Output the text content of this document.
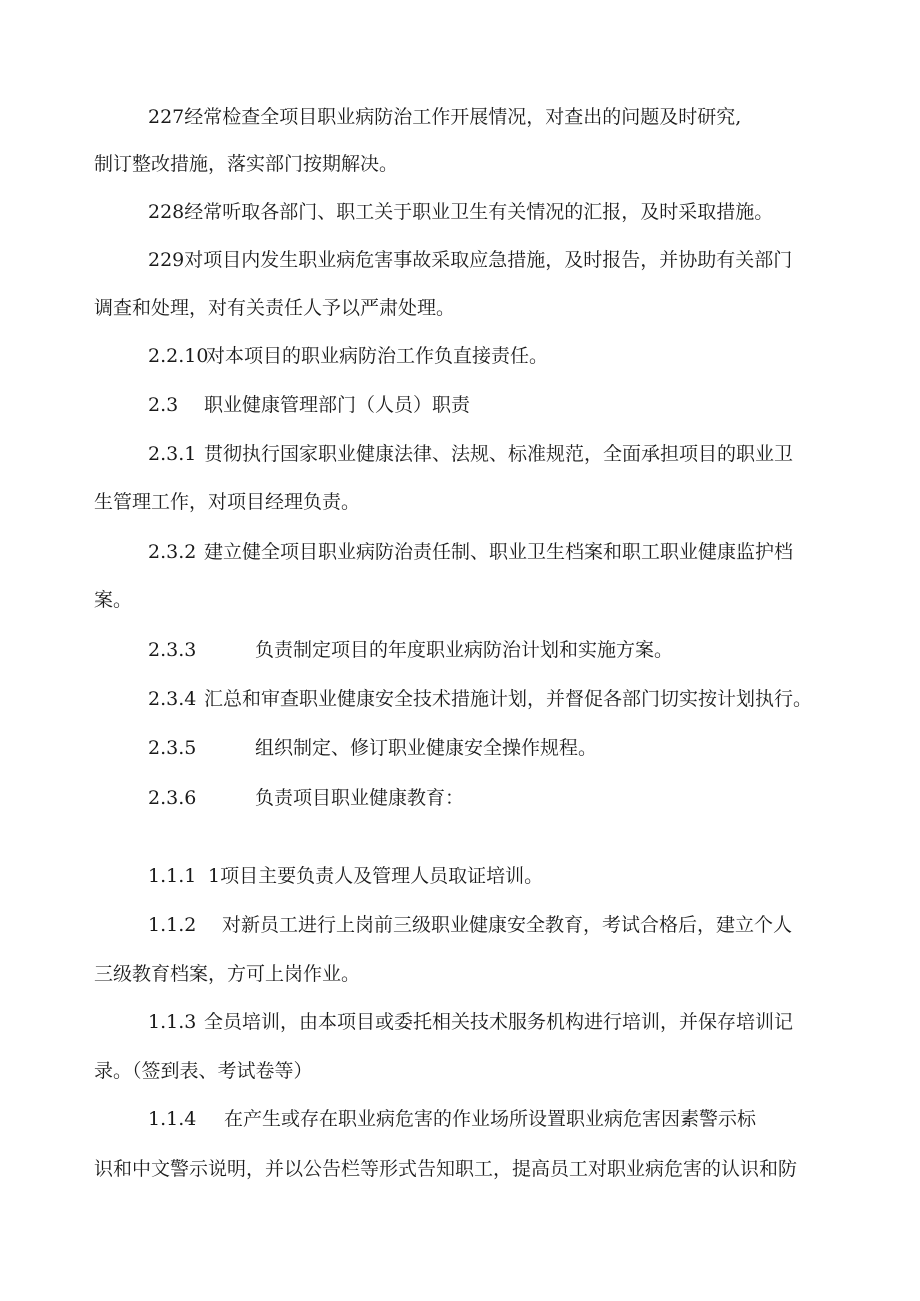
227经常检查全项目职业病防治工作开展情况，对查出的问题及时研究,
制订整改措施，落实部门按期解决。
228经常听取各部门、职工关于职业卫生有关情况的汇报，及时采取措施。
229对项目内发生职业病危害事故采取应急措施，及时报告，并协助有关部门
调查和处理，对有关责任人予以严肃处理。
2.2.10对本项目的职业病防治工作负直接责任。
2.3 职业健康管理部门（人员）职责
2.3.1 贯彻执行国家职业健康法律、法规、标准规范，全面承担项目的职业卫
生管理工作，对项目经理负责。
2.3.2 建立健全项目职业病防治责任制、职业卫生档案和职工职业健康监护档
案。
2.3.3	负责制定项目的年度职业病防治计划和实施方案。
2.3.4 汇总和审查职业健康安全技术措施计划，并督促各部门切实按计划执行。
2.3.5	组织制定、修订职业健康安全操作规程。
2.3.6	负责项目职业健康教育：
1.1.1 1项目主要负责人及管理人员取证培训。
1.1.2 对新员工进行上岗前三级职业健康安全教育，考试合格后，建立个人
三级教育档案，方可上岗作业。
1.1.3 全员培训，由本项目或委托相关技术服务机构进行培训，并保存培训记
录。（签到表、考试卷等）
1.1.4 在产生或存在职业病危害的作业场所设置职业病危害因素警示标
识和中文警示说明，并以公告栏等形式告知职工，提高员工对职业病危害的认识和防
